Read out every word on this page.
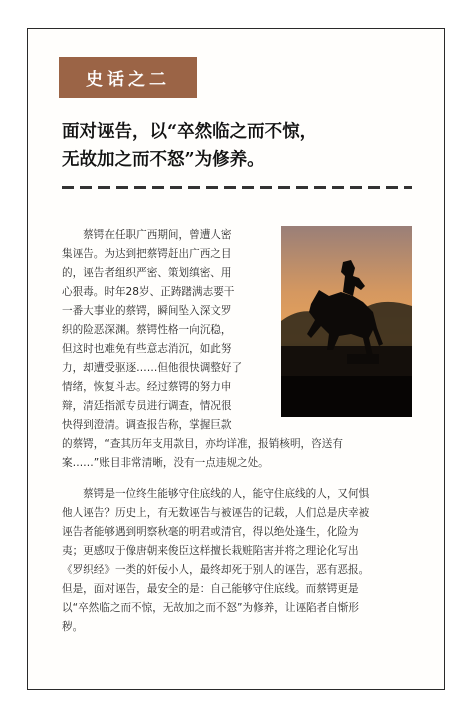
史话之二
面对诬告，以“卒然临之而不惊，
无故加之而不怒”为修养。

　　蔡锷在任职广西期间，曾遭人密
集诬告。为达到把蔡锷赶出广西之目
的，诬告者组织严密、策划缜密、用
心狠毒。时年28岁、正踌躇满志要干
一番大事业的蔡锷，瞬间坠入深文罗
织的险恶深渊。蔡锷性格一向沉稳，
但这时也难免有些意志消沉，如此努
力，却遭受驱逐……但他很快调整好了
情绪，恢复斗志。经过蔡锷的努力申
辩，清廷指派专员进行调查，情况很
快得到澄清。调查报告称，掌握巨款
的蔡锷，“查其历年支用款目，亦均详准，报销核明，咨送有
案……”账目非常清晰，没有一点违规之处。

　　蔡锷是一位终生能够守住底线的人，能守住底线的人，又何惧
他人诬告？历史上，有无数诬告与被诬告的记载，人们总是庆幸被
诬告者能够遇到明察秋毫的明君或清官，得以绝处逢生，化险为
夷；更感叹于像唐朝来俊臣这样擅长栽赃陷害并将之理论化写出
《罗织经》一类的奸佞小人，最终却死于别人的诬告，恶有恶报。
但是，面对诬告，最安全的是：自己能够守住底线。而蔡锷更是
以“卒然临之而不惊，无故加之而不怒”为修养，让诬陷者自惭形
秽。
